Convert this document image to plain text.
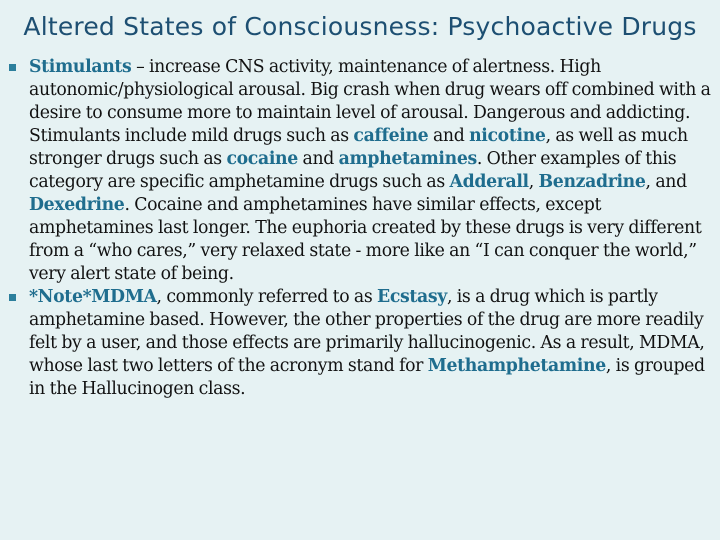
Altered States of Consciousness: Psychoactive Drugs
Stimulants – increase CNS activity, maintenance of alertness. High autonomic/physiological arousal. Big crash when drug wears off combined with a desire to consume more to maintain level of arousal. Dangerous and addicting. Stimulants include mild drugs such as caffeine and nicotine, as well as much stronger drugs such as cocaine and amphetamines. Other examples of this category are specific amphetamine drugs such as Adderall, Benzadrine, and Dexedrine. Cocaine and amphetamines have similar effects, except amphetamines last longer. The euphoria created by these drugs is very different from a “who cares,” very relaxed state - more like an “I can conquer the world,” very alert state of being.
*Note*MDMA, commonly referred to as Ecstasy, is a drug which is partly amphetamine based. However, the other properties of the drug are more readily felt by a user, and those effects are primarily hallucinogenic. As a result, MDMA, whose last two letters of the acronym stand for Methamphetamine, is grouped in the Hallucinogen class.
